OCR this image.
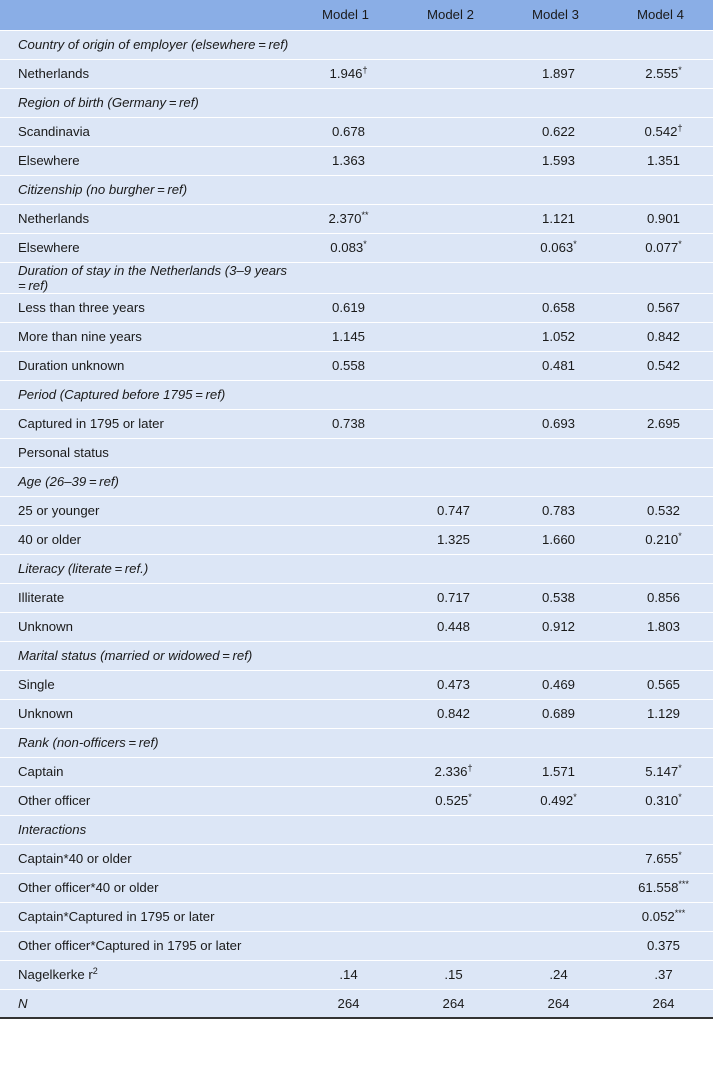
	Model 1	Model 2	Model 3	Model 4
Country of origin of employer (elsewhere = ref)				
Netherlands	1.946†		1.897	2.555*
Region of birth (Germany = ref)				
Scandinavia	0.678		0.622	0.542†
Elsewhere	1.363		1.593	1.351
Citizenship (no burgher = ref)				
Netherlands	2.370**		1.121	0.901
Elsewhere	0.083*		0.063*	0.077*
Duration of stay in the Netherlands (3–9 years = ref)				
Less than three years	0.619		0.658	0.567
More than nine years	1.145		1.052	0.842
Duration unknown	0.558		0.481	0.542
Period (Captured before 1795 = ref)				
Captured in 1795 or later	0.738		0.693	2.695
Personal status				
Age (26–39 = ref)				
25 or younger		0.747	0.783	0.532
40 or older		1.325	1.660	0.210*
Literacy (literate = ref.)				
Illiterate		0.717	0.538	0.856
Unknown		0.448	0.912	1.803
Marital status (married or widowed = ref)				
Single		0.473	0.469	0.565
Unknown		0.842	0.689	1.129
Rank (non-officers = ref)				
Captain		2.336†	1.571	5.147*
Other officer		0.525*	0.492*	0.310*
Interactions				
Captain*40 or older				7.655*
Other officer*40 or older				61.558***
Captain*Captured in 1795 or later				0.052***
Other officer*Captured in 1795 or later				0.375
Nagelkerke $r^2$	.14	.15	.24	.37
N	264	264	264	264
